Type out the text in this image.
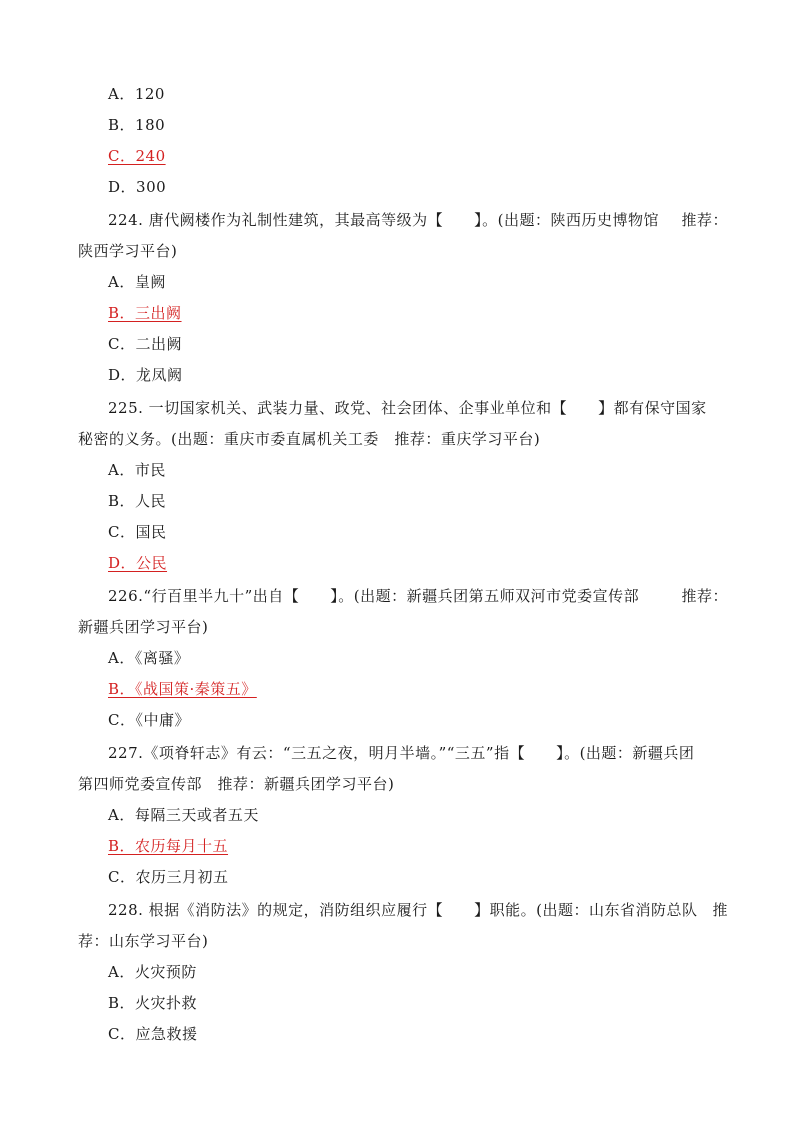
A．120
B．180
C．240
D．300
224. 唐代阙楼作为礼制性建筑，其最高等级为【　　】。(出题：陕西历史博物馆 推荐：
陕西学习平台)
A．皇阙
B．三出阙
C．二出阙
D．龙凤阙
225. 一切国家机关、武装力量、政党、社会团体、企事业单位和【　　】都有保守国家
秘密的义务。(出题：重庆市委直属机关工委　推荐：重庆学习平台)
A．市民
B．人民
C．国民
D．公民
226.“行百里半九十”出自【　　】。(出题：新疆兵团第五师双河市党委宣传部	推荐：
新疆兵团学习平台)
A．《离骚》
B．《战国策·秦策五》
C．《中庸》
227.《项脊轩志》有云：“三五之夜，明月半墙。”“三五”指【　　】。(出题：新疆兵团
第四师党委宣传部　推荐：新疆兵团学习平台)
A．每隔三天或者五天
B．农历每月十五
C．农历三月初五
228. 根据《消防法》的规定，消防组织应履行【　　】职能。(出题：山东省消防总队 推
荐：山东学习平台)
A．火灾预防
B．火灾扑救
C．应急救援
